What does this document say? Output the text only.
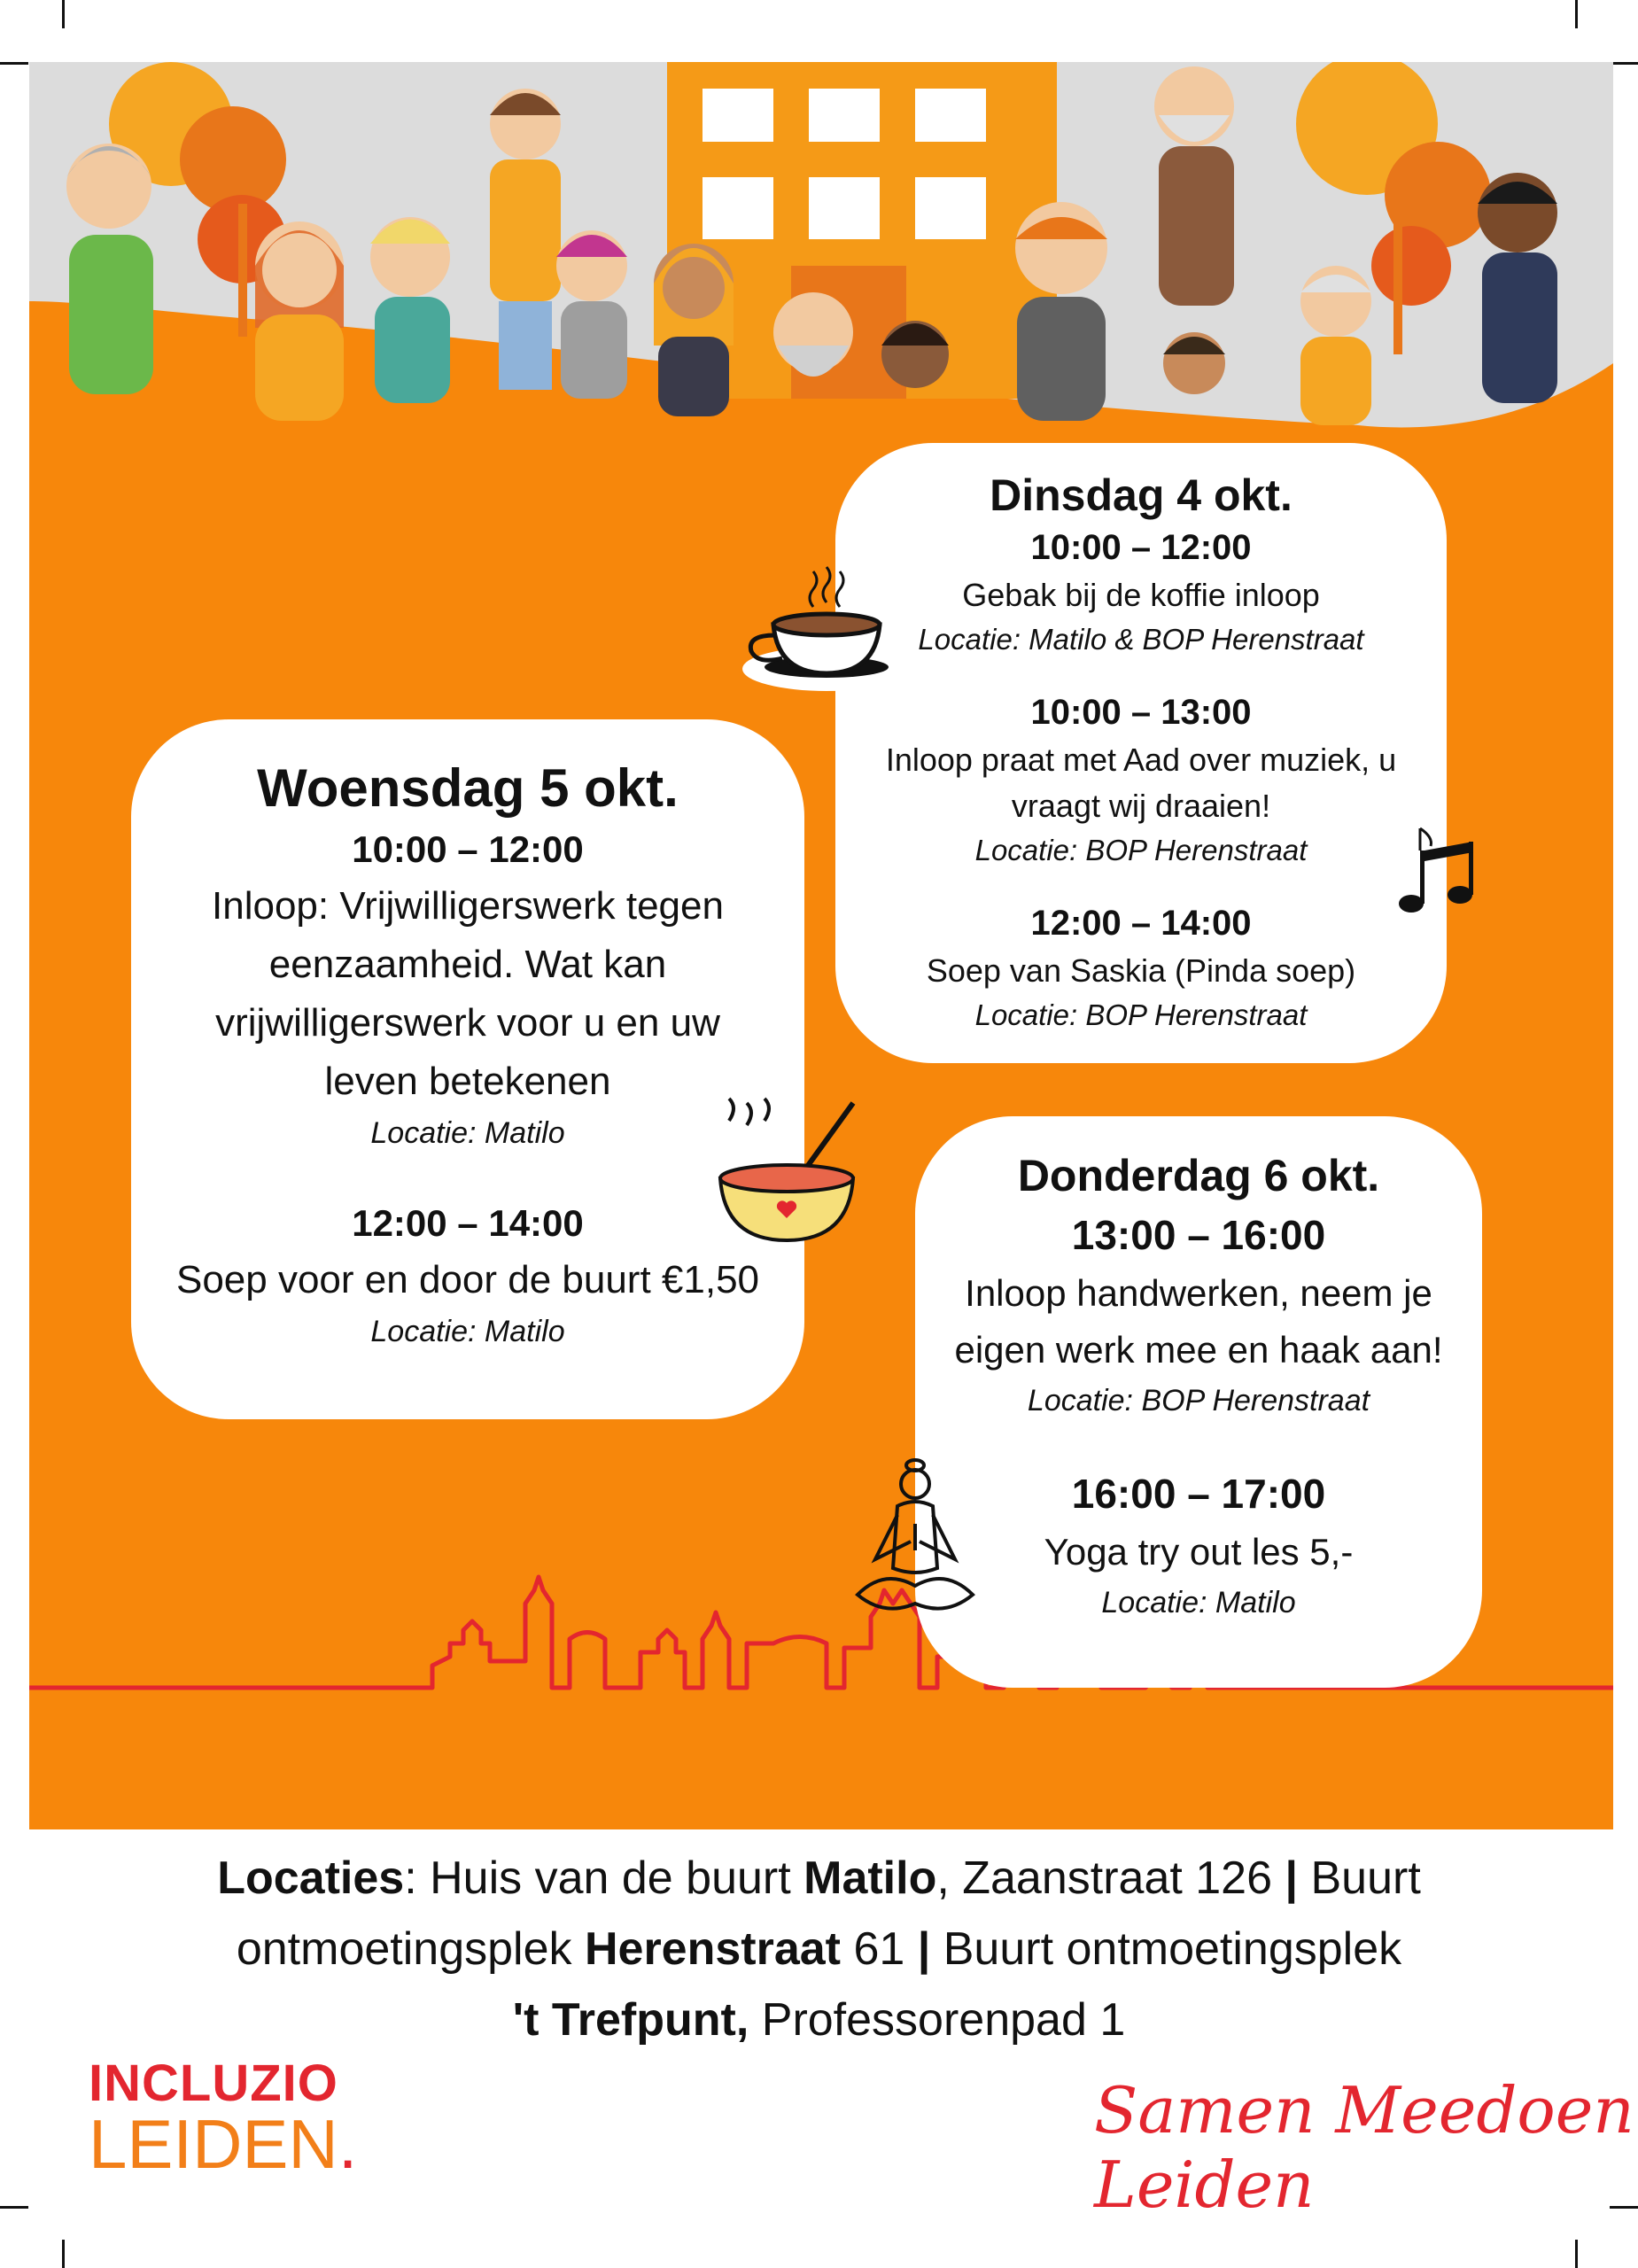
Dinsdag 4 okt.
10:00 – 12:00
Gebak bij de koffie inloop
Locatie: Matilo & BOP Herenstraat
10:00 – 13:00
Inloop praat met Aad over muziek, u
vraagt wij draaien!
Locatie: BOP Herenstraat
12:00 – 14:00
Soep van Saskia (Pinda soep)
Locatie: BOP Herenstraat
Woensdag 5 okt.
10:00 – 12:00
Inloop: Vrijwilligerswerk tegen
eenzaamheid. Wat kan
vrijwilligerswerk voor u en uw
leven betekenen
Locatie: Matilo
12:00 – 14:00
Soep voor en door de buurt €1,50
Locatie: Matilo
Donderdag 6 okt.
13:00 – 16:00
Inloop handwerken, neem je
eigen werk mee en haak aan!
Locatie: BOP Herenstraat
16:00 – 17:00
Yoga try out les 5,-
Locatie: Matilo
Locaties: Huis van de buurt Matilo, Zaanstraat 126 | Buurt
ontmoetingsplek Herenstraat 61 | Buurt ontmoetingsplek
't Trefpunt, Professorenpad 1
INCLUZIO
LEIDEN.	Samen Meedoen Leiden
